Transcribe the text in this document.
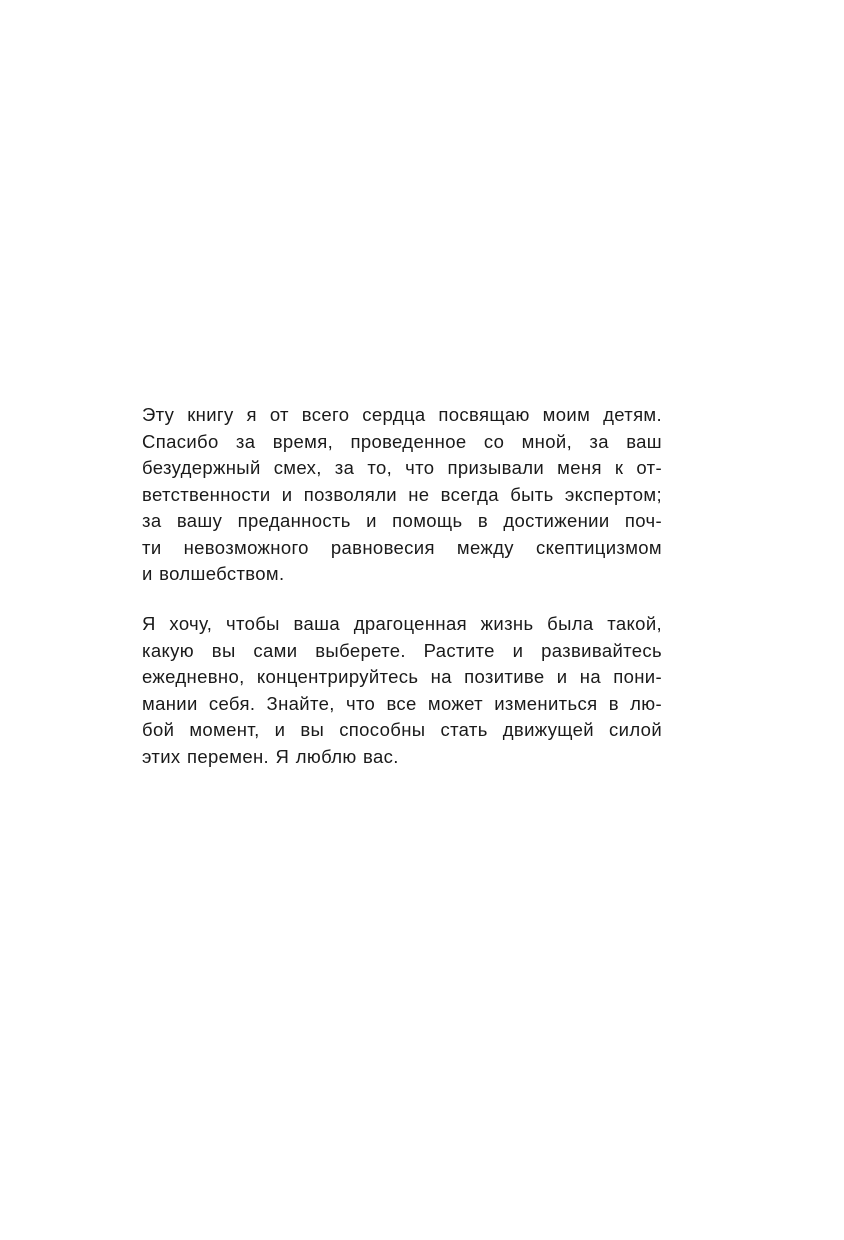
Эту книгу я от всего сердца посвящаю моим детям.
Спасибо за время, проведенное со мной, за ваш
безудержный смех, за то, что призывали меня к от-
ветственности и позволяли не всегда быть экспертом;
за вашу преданность и помощь в достижении поч-
ти невозможного равновесия между скептицизмом
и волшебством.
Я хочу, чтобы ваша драгоценная жизнь была такой,
какую вы сами выберете. Растите и развивайтесь
ежедневно, концентрируйтесь на позитиве и на пони-
мании себя. Знайте, что все может измениться в лю-
бой момент, и вы способны стать движущей силой
этих перемен. Я люблю вас.
